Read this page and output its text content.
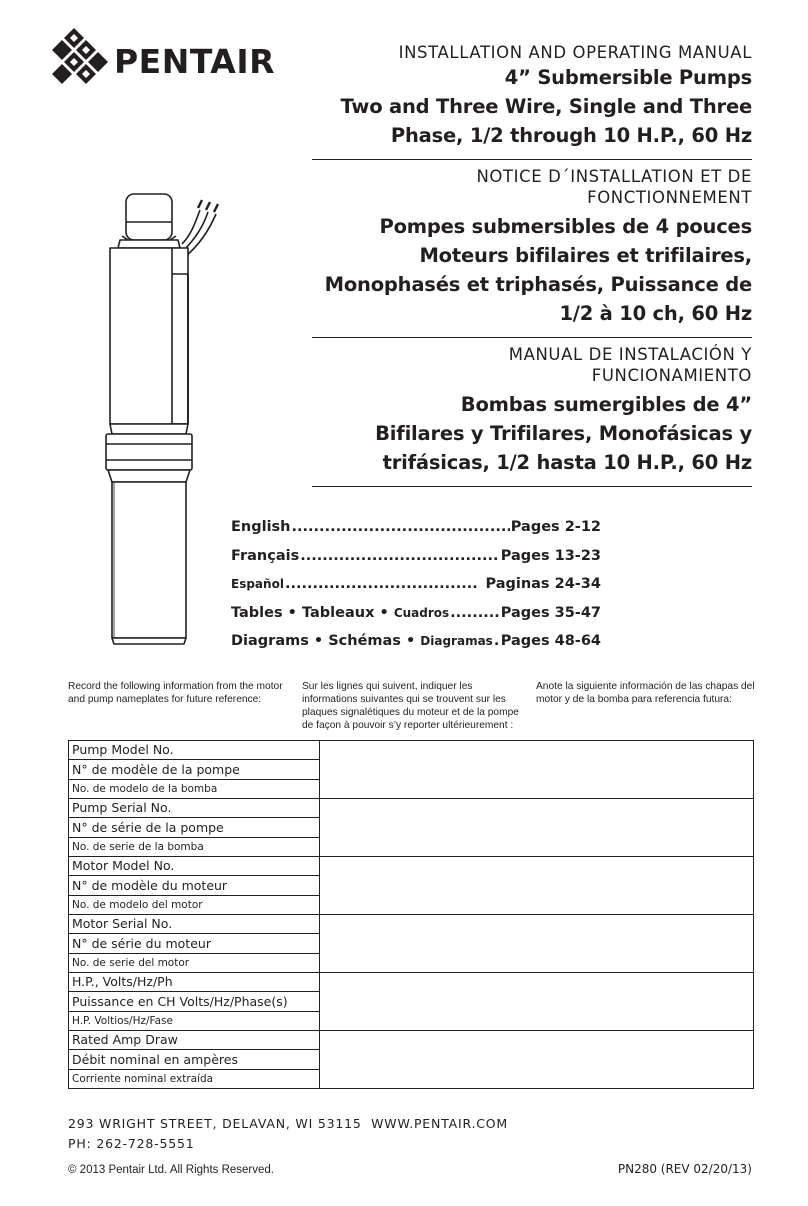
PENTAIR	INSTALLATION AND OPERATING MANUAL
4” Submersible Pumps
Two and Three Wire, Single and Three
Phase, 1/2 through 10 H.P., 60 Hz
NOTICE D´INSTALLATION ET DE
FONCTIONNEMENT
Pompes submersibles de 4 pouces
Moteurs bifilaires et trifilaires,
Monophasés et triphasés, Puissance de
1/2 à 10 ch, 60 Hz
MANUAL DE INSTALACIÓN Y
FUNCIONAMIENTO
Bombas sumergibles de 4”
Bifilares y Trifilares, Monofásicas y
trifásicas, 1/2 hasta 10 H.P., 60 Hz
English .....	Pages 2-12
Français .....	Pages 13-23
Español .....	Paginas 24-34
Tables • Tableaux • Cuadros .....	Pages 35-47
Diagrams • Schémas • Diagramas ..... Pages 48-64
Record the following information from the motor and pump nameplates for future reference:
Sur les lignes qui suivent, indiquer les informations suivantes qui se trouvent sur les plaques signalétiques du moteur et de la pompe de façon à pouvoir s’y reporter ultérieurement :
Anote la siguiente información de las chapas del motor y de la bomba para referencia futura:
Pump Model No.
N° de modèle de la pompe
No. de modelo de la bomba	

Pump Serial No.
N° de série de la pompe
No. de serie de la bomba	

Motor Model No.
N° de modèle du moteur
No. de modelo del motor	

Motor Serial No.
N° de série du moteur
No. de serie del motor	

H.P., Volts/Hz/Ph
Puissance en CH Volts/Hz/Phase(s)
H.P. Voltios/Hz/Fase	

Rated Amp Draw
Débit nominal en ampères
Corriente nominal extraída	

293 WRIGHT STREET, DELAVAN, WI 53115  WWW.PENTAIR.COM
PH: 262-728-5551
© 2013 Pentair Ltd. All Rights Reserved.	PN280 (REV 02/20/13)
